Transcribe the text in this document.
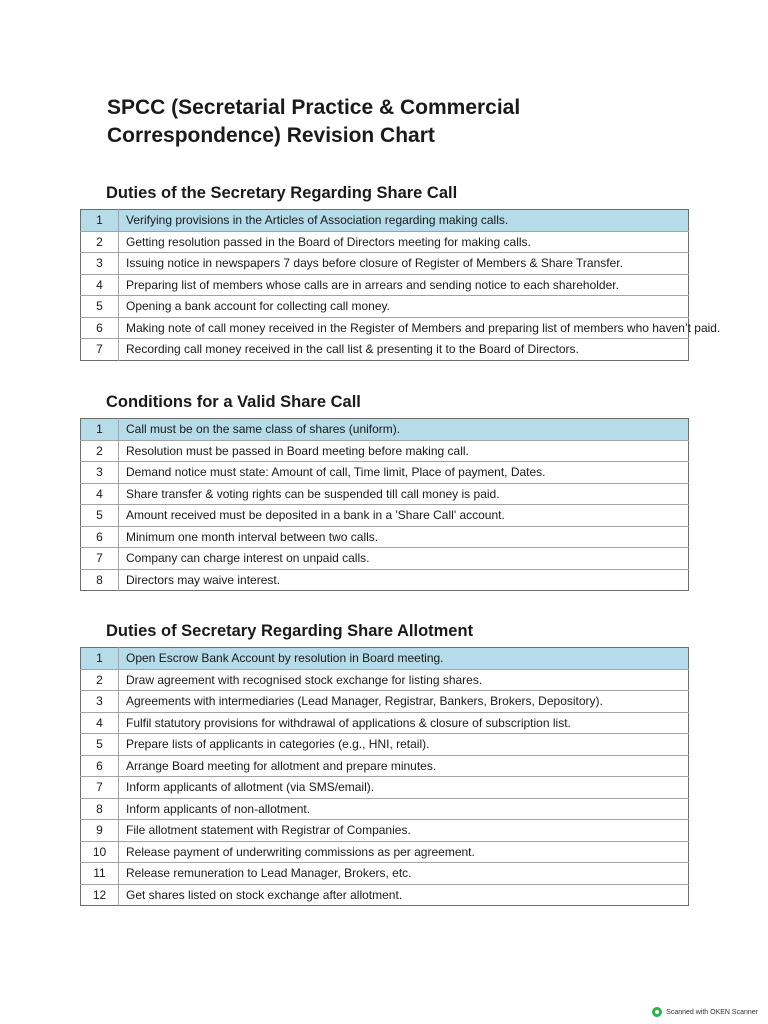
SPCC (Secretarial Practice & Commercial
Correspondence) Revision Chart
Duties of the Secretary Regarding Share Call
1	Verifying provisions in the Articles of Association regarding making calls.
2	Getting resolution passed in the Board of Directors meeting for making calls.
3	Issuing notice in newspapers 7 days before closure of Register of Members & Share Transfer.
4	Preparing list of members whose calls are in arrears and sending notice to each shareholder.
5	Opening a bank account for collecting call money.
6	Making note of call money received in the Register of Members and preparing list of members who haven’t paid.
7	Recording call money received in the call list & presenting it to the Board of Directors.
Conditions for a Valid Share Call
1	Call must be on the same class of shares (uniform).
2	Resolution must be passed in Board meeting before making call.
3	Demand notice must state: Amount of call, Time limit, Place of payment, Dates.
4	Share transfer & voting rights can be suspended till call money is paid.
5	Amount received must be deposited in a bank in a 'Share Call' account.
6	Minimum one month interval between two calls.
7	Company can charge interest on unpaid calls.
8	Directors may waive interest.
Duties of Secretary Regarding Share Allotment
1	Open Escrow Bank Account by resolution in Board meeting.
2	Draw agreement with recognised stock exchange for listing shares.
3	Agreements with intermediaries (Lead Manager, Registrar, Bankers, Brokers, Depository).
4	Fulfil statutory provisions for withdrawal of applications & closure of subscription list.
5	Prepare lists of applicants in categories (e.g., HNI, retail).
6	Arrange Board meeting for allotment and prepare minutes.
7	Inform applicants of allotment (via SMS/email).
8	Inform applicants of non-allotment.
9	File allotment statement with Registrar of Companies.
10	Release payment of underwriting commissions as per agreement.
11	Release remuneration to Lead Manager, Brokers, etc.
12	Get shares listed on stock exchange after allotment.
Scanned with OKEN Scanner
